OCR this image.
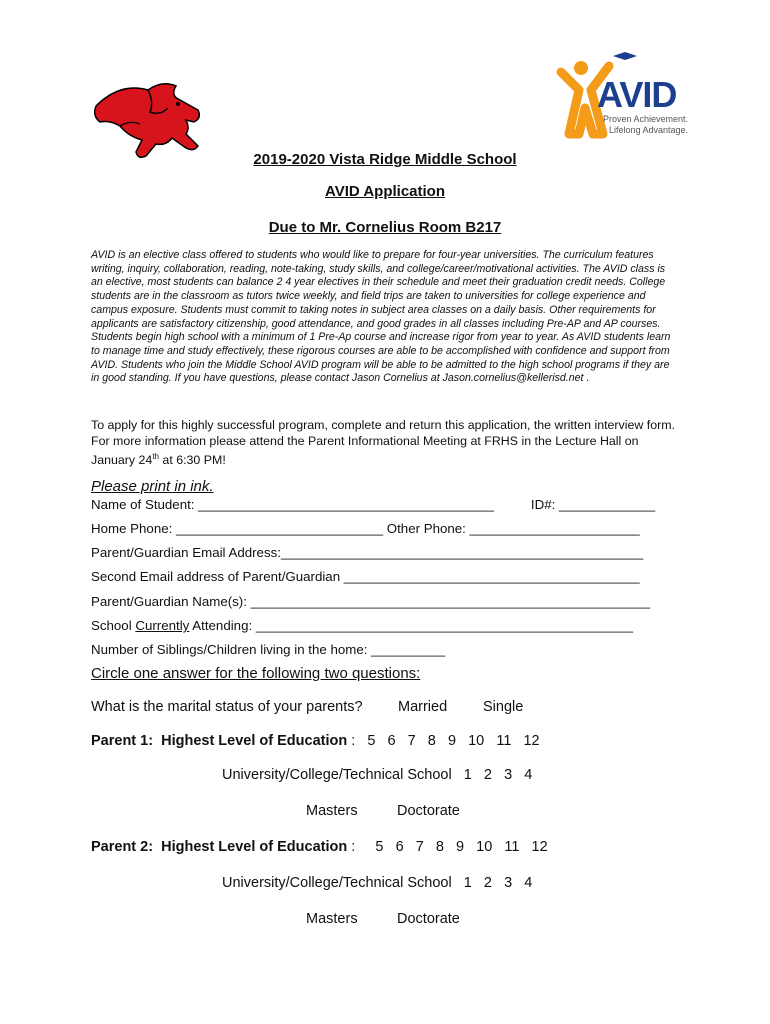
AVID
Proven Achievement.
Lifelong Advantage.
2019-2020 Vista Ridge Middle School
AVID Application
Due to Mr. Cornelius Room B217
AVID is an elective class offered to students who would like to prepare for four-year universities. The curriculum features writing, inquiry, collaboration, reading, note-taking, study skills, and college/career/motivational activities. The AVID class is an elective, most students can balance 2 4 year electives in their schedule and meet their graduation credit needs. College students are in the classroom as tutors twice weekly, and field trips are taken to universities for college experience and campus exposure. Students must commit to taking notes in subject area classes on a daily basis. Other requirements for applicants are satisfactory citizenship, good attendance, and good grades in all classes including Pre-AP and AP courses. Students begin high school with a minimum of 1 Pre-Ap course and increase rigor from year to year. As AVID students learn to manage time and study effectively, these rigorous courses are able to be accomplished with confidence and support from AVID. Students who join the Middle School AVID program will be able to be admitted to the high school programs if they are in good standing. If you have questions, please contact Jason Cornelius at Jason.cornelius@kellerisd.net .
To apply for this highly successful program, complete and return this application, the written interview form. For more information please attend the Parent Informational Meeting at FRHS in the Lecture Hall on January 24th at 6:30 PM!
Please print in ink.
Name of Student: ________________________________________          ID#: _____________
Home Phone: ____________________________ Other Phone: _______________________
Parent/Guardian Email Address:_________________________________________________
Second Email address of Parent/Guardian ________________________________________
Parent/Guardian Name(s): ______________________________________________________
School Currently Attending: ___________________________________________________
Number of Siblings/Children living in the home: __________
Circle one answer for the following two questions:
What is the marital status of your parents? Married Single
Parent 1:  Highest Level of Education :   5   6   7   8   9   10   11   12
University/College/Technical School   1   2   3   4
Masters	Doctorate
Parent 2:  Highest Level of Education :     5   6   7   8   9   10   11   12
University/College/Technical School   1   2   3   4
Masters	Doctorate
